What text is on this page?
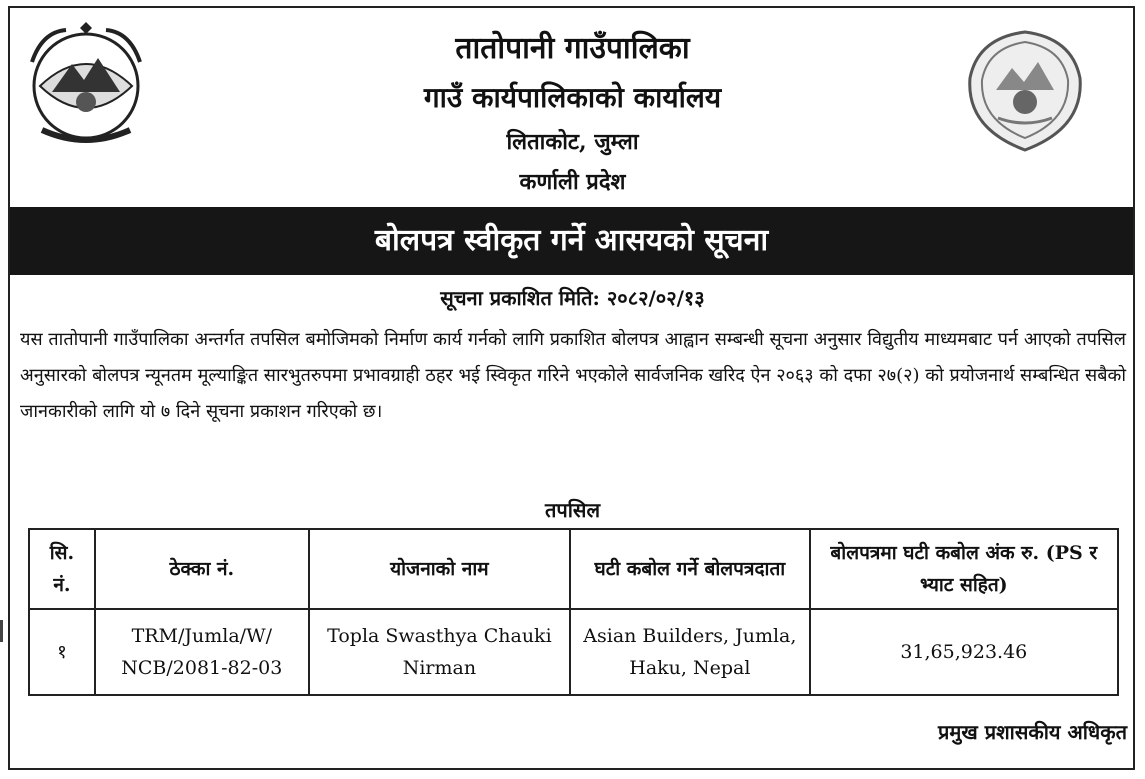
तातोपानी गाउँपालिका
गाउँ कार्यपालिकाको कार्यालय
लिताकोट, जुम्ला
कर्णाली प्रदेश
बोलपत्र स्वीकृत गर्ने आसयको सूचना
सूचना प्रकाशित मिति: २०८२/०२/१३
यस तातोपानी गाउँपालिका अन्तर्गत तपसिल बमोजिमको निर्माण कार्य गर्नको लागि प्रकाशित बोलपत्र आह्वान सम्बन्धी सूचना अनुसार विद्युतीय माध्यमबाट पर्न आएको तपसिल अनुसारको बोलपत्र न्यूनतम मूल्याङ्कित सारभुतरुपमा प्रभावग्राही ठहर भई स्विकृत गरिने भएकोले सार्वजनिक खरिद ऐन २०६३ को दफा २७(२) को प्रयोजनार्थ सम्बन्धित सबैको जानकारीको लागि यो ७ दिने सूचना प्रकाशन गरिएको छ।
तपसिल
सि. नं.	ठेक्का नं.	योजनाको नाम	घटी कबोल गर्ने बोलपत्रदाता	बोलपत्रमा घटी कबोल अंक रु. (PS र भ्याट सहित)
१	TRM/Jumla/W/ NCB/2081-82-03	Topla Swasthya Chauki Nirman	Asian Builders, Jumla, Haku, Nepal	31,65,923.46
प्रमुख प्रशासकीय अधिकृत
